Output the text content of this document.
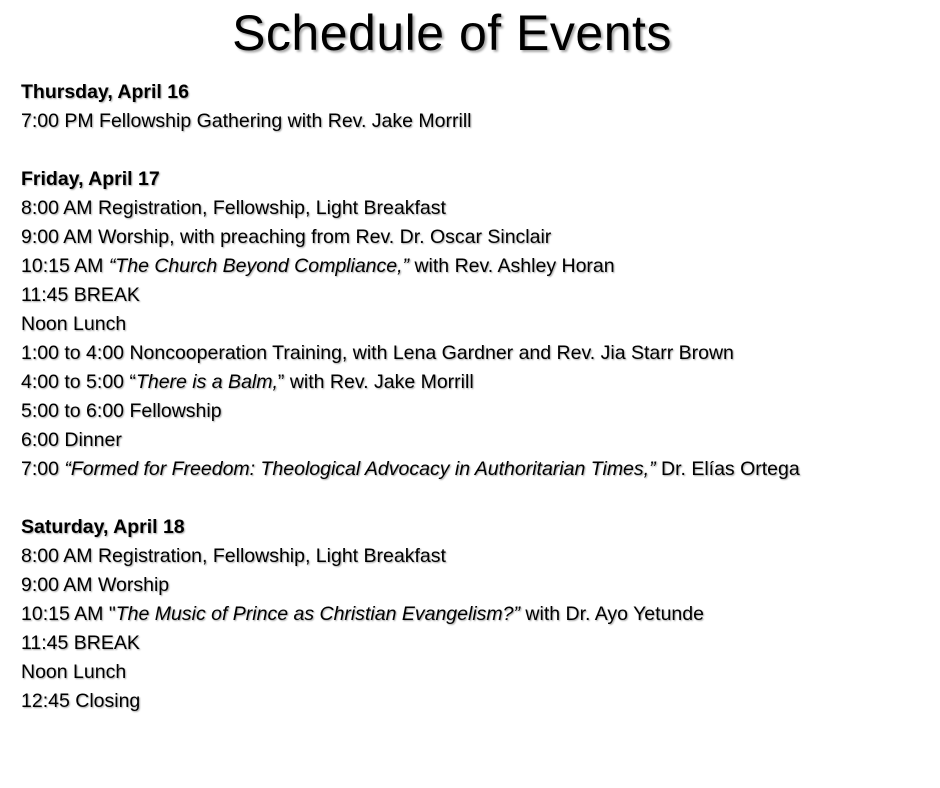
Schedule of Events
Thursday, April 16
7:00 PM Fellowship Gathering with Rev. Jake Morrill
Friday, April 17
8:00 AM Registration, Fellowship, Light Breakfast
9:00 AM Worship, with preaching from Rev. Dr. Oscar Sinclair
10:15 AM “The Church Beyond Compliance,” with Rev. Ashley Horan
11:45 BREAK
Noon Lunch
1:00 to 4:00 Noncooperation Training, with Lena Gardner and Rev. Jia Starr Brown
4:00 to 5:00 “There is a Balm,” with Rev. Jake Morrill
5:00 to 6:00 Fellowship
6:00 Dinner
7:00 “Formed for Freedom: Theological Advocacy in Authoritarian Times,” Dr. Elías Ortega
Saturday, April 18
8:00 AM Registration, Fellowship, Light Breakfast
9:00 AM Worship
10:15 AM "The Music of Prince as Christian Evangelism?” with Dr. Ayo Yetunde
11:45 BREAK
Noon Lunch
12:45 Closing
